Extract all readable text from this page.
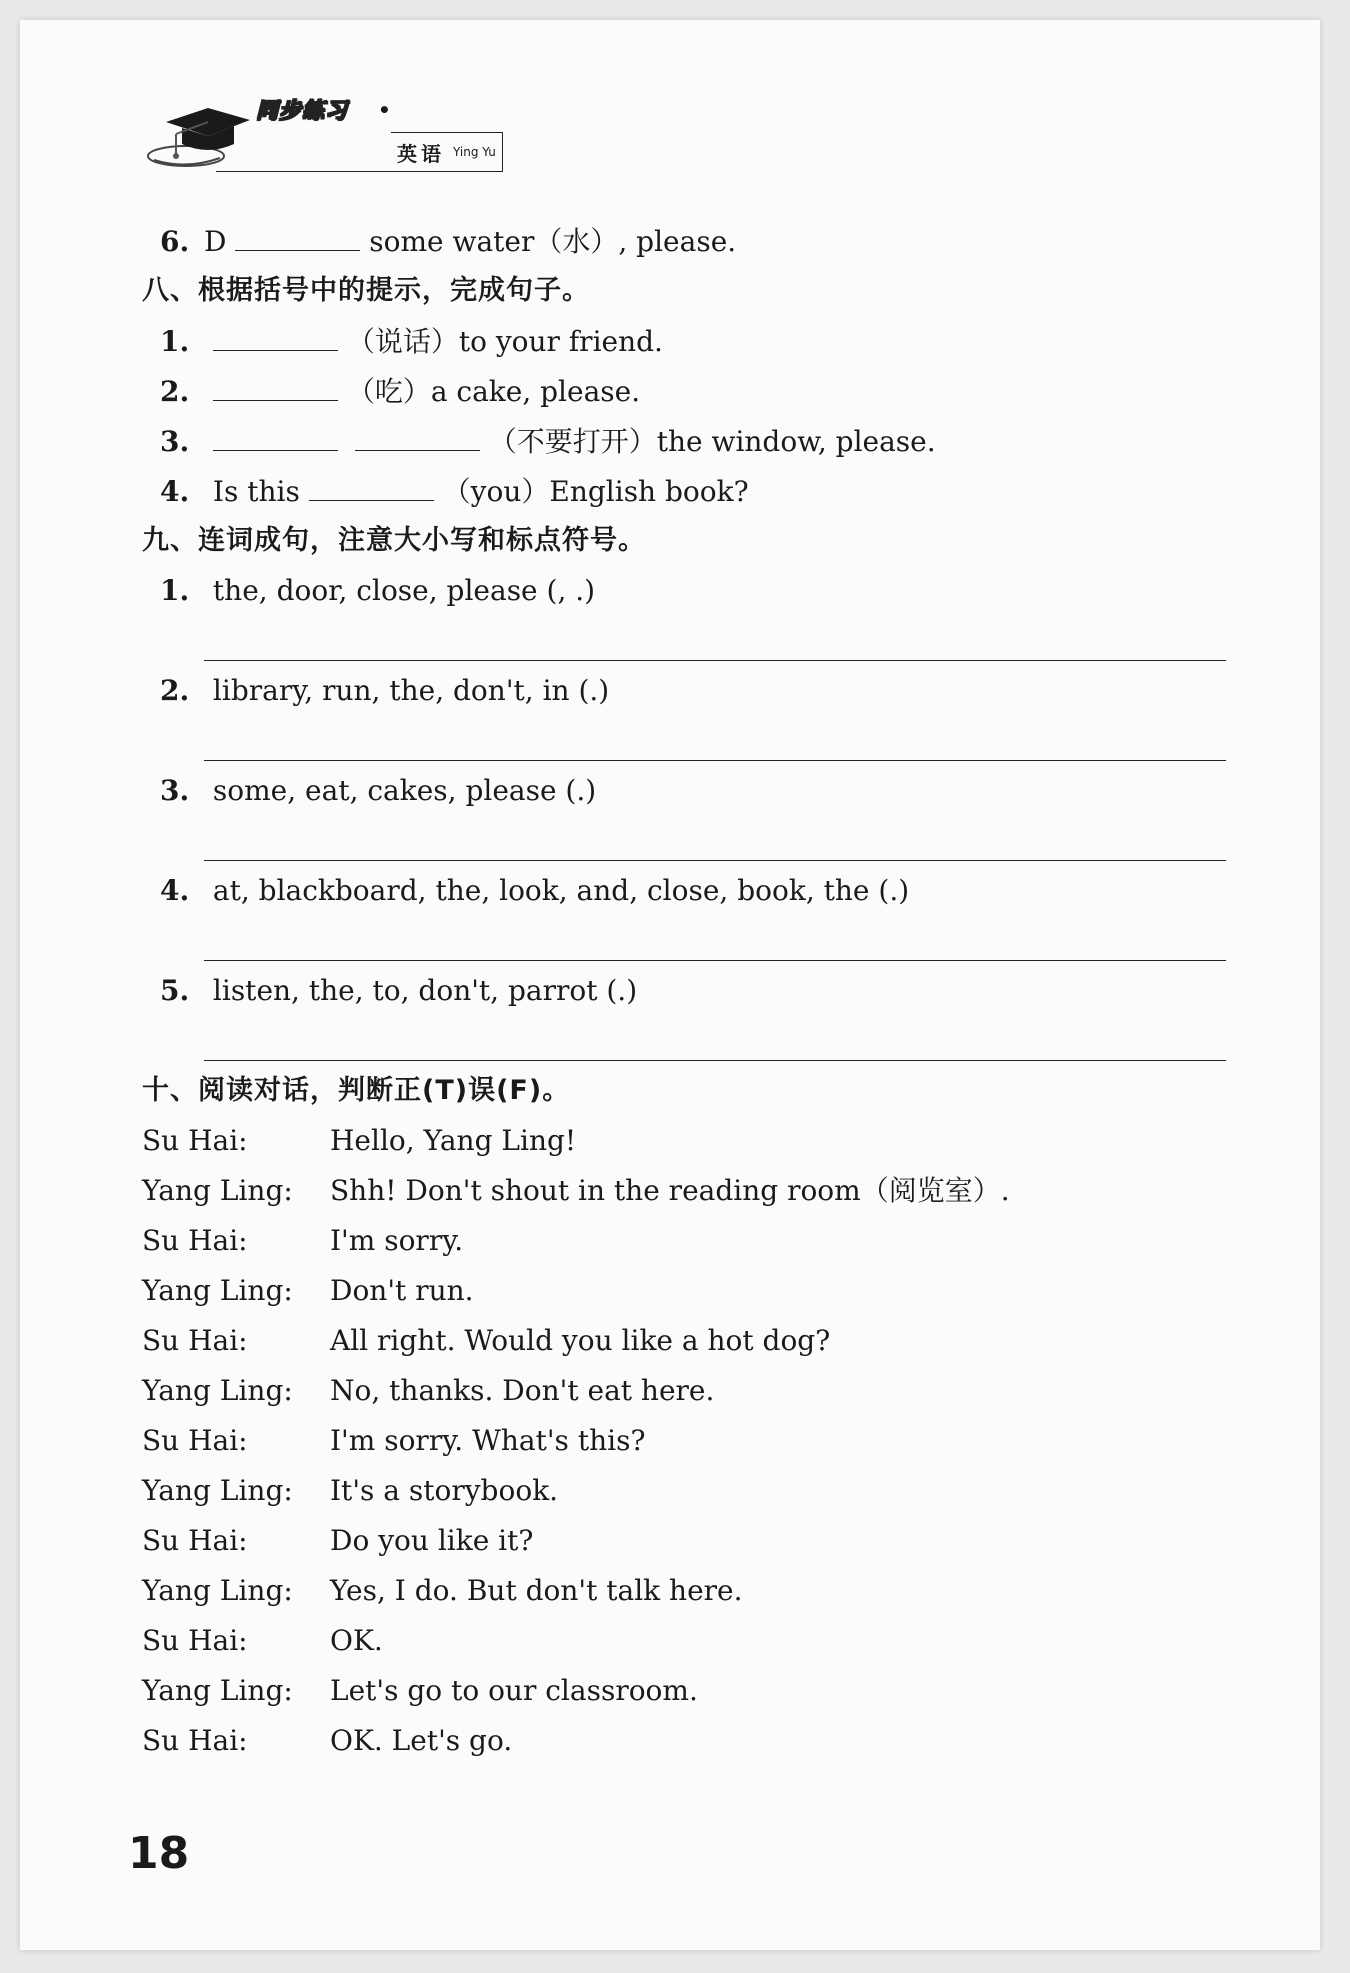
同步练习 •
英语 Ying Yu
6. D	some water（水）, please.
八、根据括号中的提示，完成句子。
1.	（说话）to your friend.
2.	（吃）a cake, please.
3.	（不要打开）the window, please.
4. Is this	（you）English book?
九、连词成句，注意大小写和标点符号。
1. the, door, close, please (, .)
2. library, run, the, don't, in (.)
3. some, eat, cakes, please (.)
4. at, blackboard, the, look, and, close, book, the (.)
5. listen, the, to, don't, parrot (.)
十、阅读对话，判断正(T)误(F)。
Su Hai:	Hello, Yang Ling!
Yang Ling: Shh! Don't shout in the reading room（阅览室）.
Su Hai:	I'm sorry.
Yang Ling: Don't run.
Su Hai:	All right. Would you like a hot dog?
Yang Ling: No, thanks. Don't eat here.
Su Hai:	I'm sorry. What's this?
Yang Ling: It's a storybook.
Su Hai:	Do you like it?
Yang Ling: Yes, I do. But don't talk here.
Su Hai:	OK.
Yang Ling: Let's go to our classroom.
Su Hai:	OK. Let's go.
18
